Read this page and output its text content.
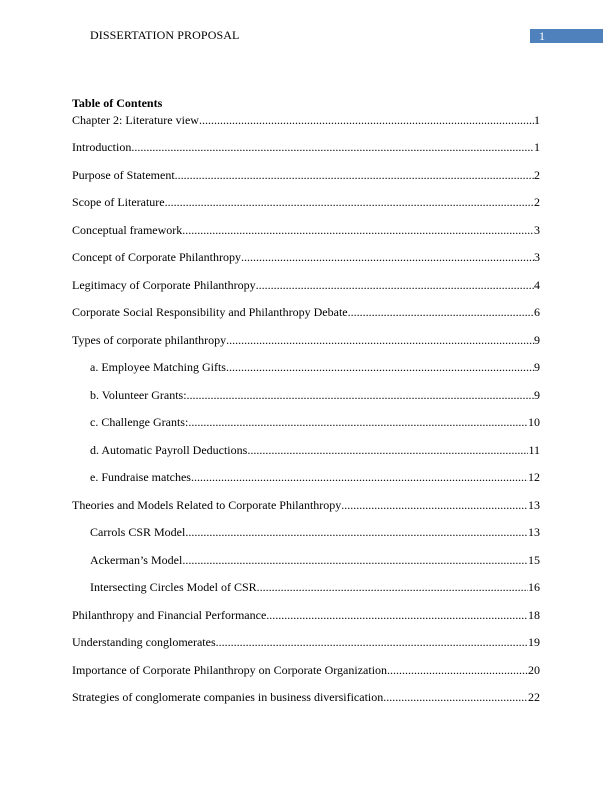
DISSERTATION PROPOSAL	1
Table of Contents
Chapter 2: Literature view .....	1
Introduction .....	1
Purpose of Statement .....	2
Scope of Literature .....	2
Conceptual framework .....	3
Concept of Corporate Philanthropy .....	3
Legitimacy of Corporate Philanthropy .....	4
Corporate Social Responsibility and Philanthropy Debate .....	6
Types of corporate philanthropy .....	9
a. Employee Matching Gifts .....	9
b. Volunteer Grants: .....	9
c. Challenge Grants: .....	10
d. Automatic Payroll Deductions .....	11
e. Fundraise matches .....	12
Theories and Models Related to Corporate Philanthropy .....	13
Carrols CSR Model .....	13
Ackerman’s Model .....	15
Intersecting Circles Model of CSR .....	16
Philanthropy and Financial Performance .....	18
Understanding conglomerates .....	19
Importance of Corporate Philanthropy on Corporate Organization .....	20
Strategies of conglomerate companies in business diversification .....	22
